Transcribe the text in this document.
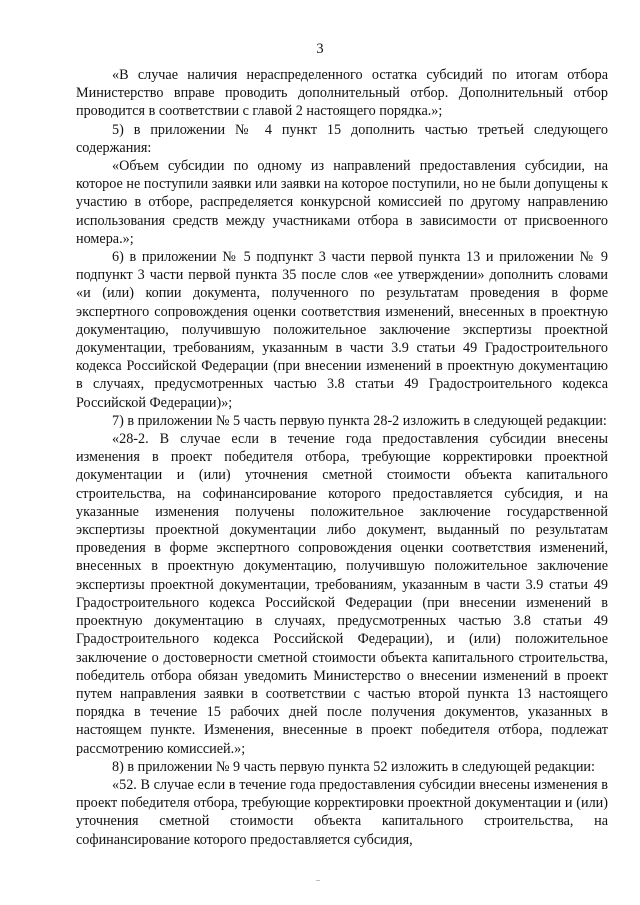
3

«В случае наличия нераспределенного остатка субсидий по итогам отбора Министерство вправе проводить дополнительный отбор. Дополнительный отбор проводится в соответствии с главой 2 настоящего порядка.»;

5) в приложении № 4 пункт 15 дополнить частью третьей следующего содержания:

«Объем субсидии по одному из направлений предоставления субсидии, на которое не поступили заявки или заявки на которое поступили, но не были допущены к участию в отборе, распределяется конкурсной комиссией по другому направлению использования средств между участниками отбора в зависимости от присвоенного номера.»;

6) в приложении № 5 подпункт 3 части первой пункта 13 и приложении № 9 подпункт 3 части первой пункта 35 после слов «ее утверждении» дополнить словами «и (или) копии документа, полученного по результатам проведения в форме экспертного сопровождения оценки соответствия изменений, внесенных в проектную документацию, получившую положительное заключение экспертизы проектной документации, требованиям, указанным в части 3.9 статьи 49 Градостроительного кодекса Российской Федерации (при внесении изменений в проектную документацию в случаях, предусмотренных частью 3.8 статьи 49 Градостроительного кодекса Российской Федерации)»;

7) в приложении № 5 часть первую пункта 28-2 изложить в следующей редакции:

«28-2. В случае если в течение года предоставления субсидии внесены изменения в проект победителя отбора, требующие корректировки проектной документации и (или) уточнения сметной стоимости объекта капитального строительства, на софинансирование которого предоставляется субсидия, и на указанные изменения получены положительное заключение государственной экспертизы проектной документации либо документ, выданный по результатам проведения в форме экспертного сопровождения оценки соответствия изменений, внесенных в проектную документацию, получившую положительное заключение экспертизы проектной документации, требованиям, указанным в части 3.9 статьи 49 Градостроительного кодекса Российской Федерации (при внесении изменений в проектную документацию в случаях, предусмотренных частью 3.8 статьи 49 Градостроительного кодекса Российской Федерации), и (или) положительное заключение о достоверности сметной стоимости объекта капитального строительства, победитель отбора обязан уведомить Министерство о внесении изменений в проект путем направления заявки в соответствии с частью второй пункта 13 настоящего порядка в течение 15 рабочих дней после получения документов, указанных в настоящем пункте. Изменения, внесенные в проект победителя отбора, подлежат рассмотрению комиссией.»;

8) в приложении № 9 часть первую пункта 52 изложить в следующей редакции:

«52. В случае если в течение года предоставления субсидии внесены изменения в проект победителя отбора, требующие корректировки проектной документации и (или) уточнения сметной стоимости объекта капитального строительства, на софинансирование которого предоставляется субсидия,
